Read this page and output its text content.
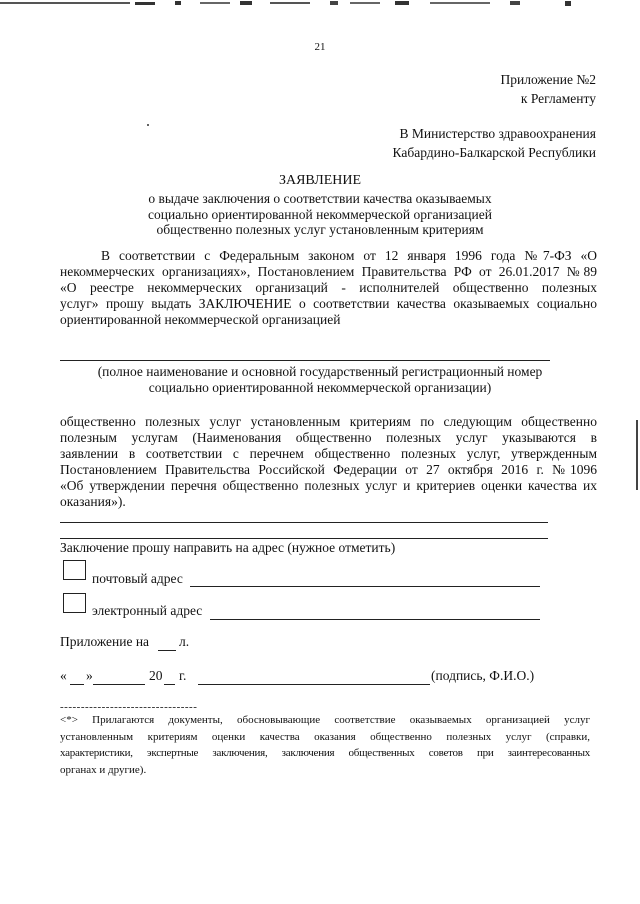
21
Приложение №2
к Регламенту
В Министерство здравоохранения
Кабардино-Балкарской Республики
ЗАЯВЛЕНИЕ
о выдаче заключения о соответствии качества оказываемых
социально ориентированной некоммерческой организацией
общественно полезных услуг установленным критериям
В соответствии с Федеральным законом от 12 января 1996 года №7-ФЗ «О
некоммерческих организациях», Постановлением Правительства РФ от 26.01.2017 №89
«О реестре некоммерческих организаций - исполнителей общественно полезных
услуг» прошу выдать ЗАКЛЮЧЕНИЕ о соответствии качества оказываемых социально
ориентированной некоммерческой организацией
(полное наименование и основной государственный регистрационный номер
социально ориентированной некоммерческой организации)
общественно полезных услуг установленным критериям по следующим общественно
полезным услугам (Наименования общественно полезных услуг указываются в
заявлении в соответствии с перечнем общественно полезных услуг, утвержденным
Постановлением Правительства Российской Федерации от 27 октября 2016 г. №1096
«Об утверждении перечня общественно полезных услуг и критериев оценки качества их
оказания»).
Заключение прошу направить на адрес (нужное отметить)
почтовый адрес
электронный адрес
Приложение на л.
« »	20 г.	(подпись, Ф.И.О.)
---------------------------------
<*> Прилагаются документы, обосновывающие соответствие оказываемых организацией услуг
установленным критериям оценки качества оказания общественно полезных услуг (справки,
характеристики, экспертные заключения, заключения общественных советов при заинтересованных
органах и другие).
